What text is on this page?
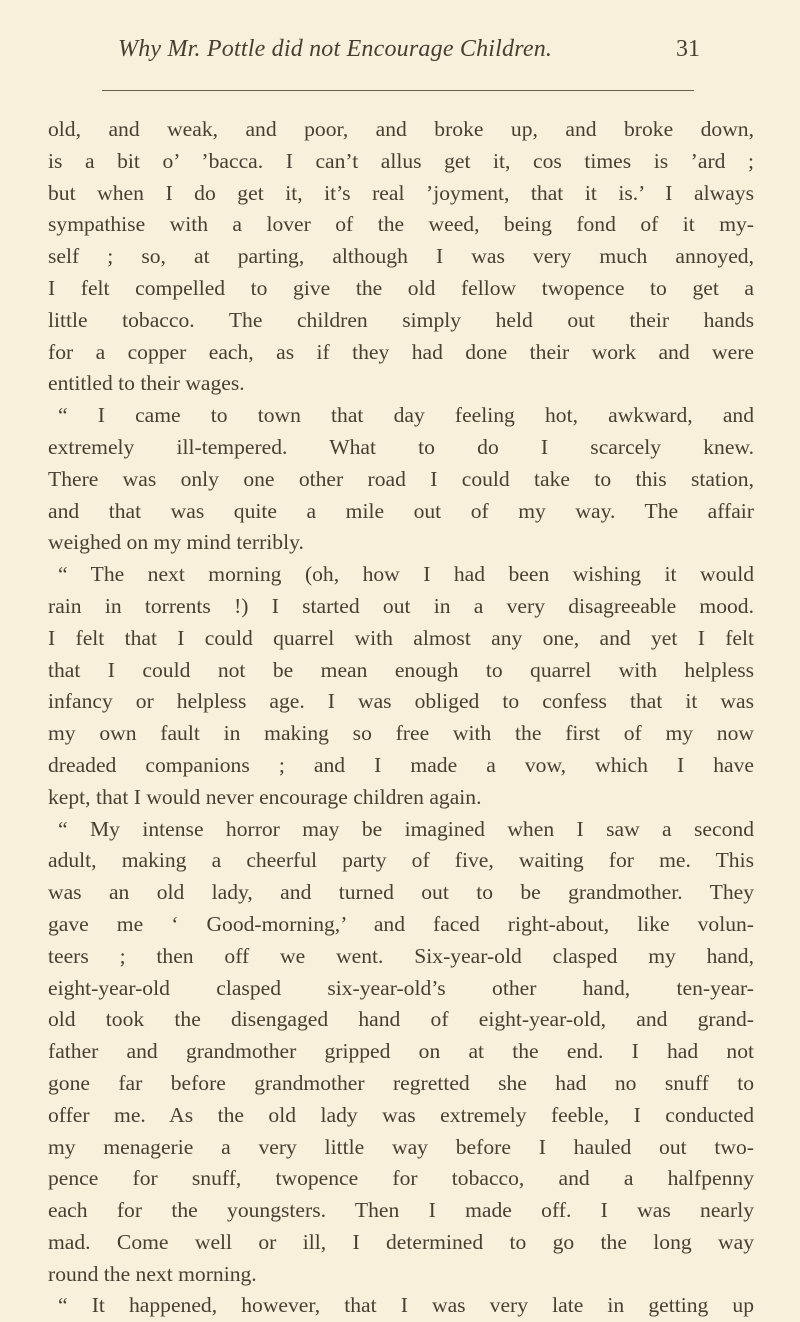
Why Mr. Pottle did not Encourage Children.	31
old, and weak, and poor, and broke up, and broke down,
is a bit o’ ’bacca. I can’t allus get it, cos times is ’ard ;
but when I do get it, it’s real ’joyment, that it is.’ I always
sympathise with a lover of the weed, being fond of it my-
self ; so, at parting, although I was very much annoyed,
I felt compelled to give the old fellow twopence to get a
little tobacco. The children simply held out their hands
for a copper each, as if they had done their work and were
entitled to their wages.
“ I came to town that day feeling hot, awkward, and
extremely ill-tempered. What to do I scarcely knew.
There was only one other road I could take to this station,
and that was quite a mile out of my way. The affair
weighed on my mind terribly.
“ The next morning (oh, how I had been wishing it would
rain in torrents !) I started out in a very disagreeable mood.
I felt that I could quarrel with almost any one, and yet I felt
that I could not be mean enough to quarrel with helpless
infancy or helpless age. I was obliged to confess that it was
my own fault in making so free with the first of my now
dreaded companions ; and I made a vow, which I have
kept, that I would never encourage children again.
“ My intense horror may be imagined when I saw a second
adult, making a cheerful party of five, waiting for me. This
was an old lady, and turned out to be grandmother. They
gave me ‘ Good-morning,’ and faced right-about, like volun-
teers ; then off we went. Six-year-old clasped my hand,
eight-year-old clasped six-year-old’s other hand, ten-year-
old took the disengaged hand of eight-year-old, and grand-
father and grandmother gripped on at the end. I had not
gone far before grandmother regretted she had no snuff to
offer me. As the old lady was extremely feeble, I conducted
my menagerie a very little way before I hauled out two-
pence for snuff, twopence for tobacco, and a halfpenny
each for the youngsters. Then I made off. I was nearly
mad. Come well or ill, I determined to go the long way
round the next morning.
“ It happened, however, that I was very late in getting up
